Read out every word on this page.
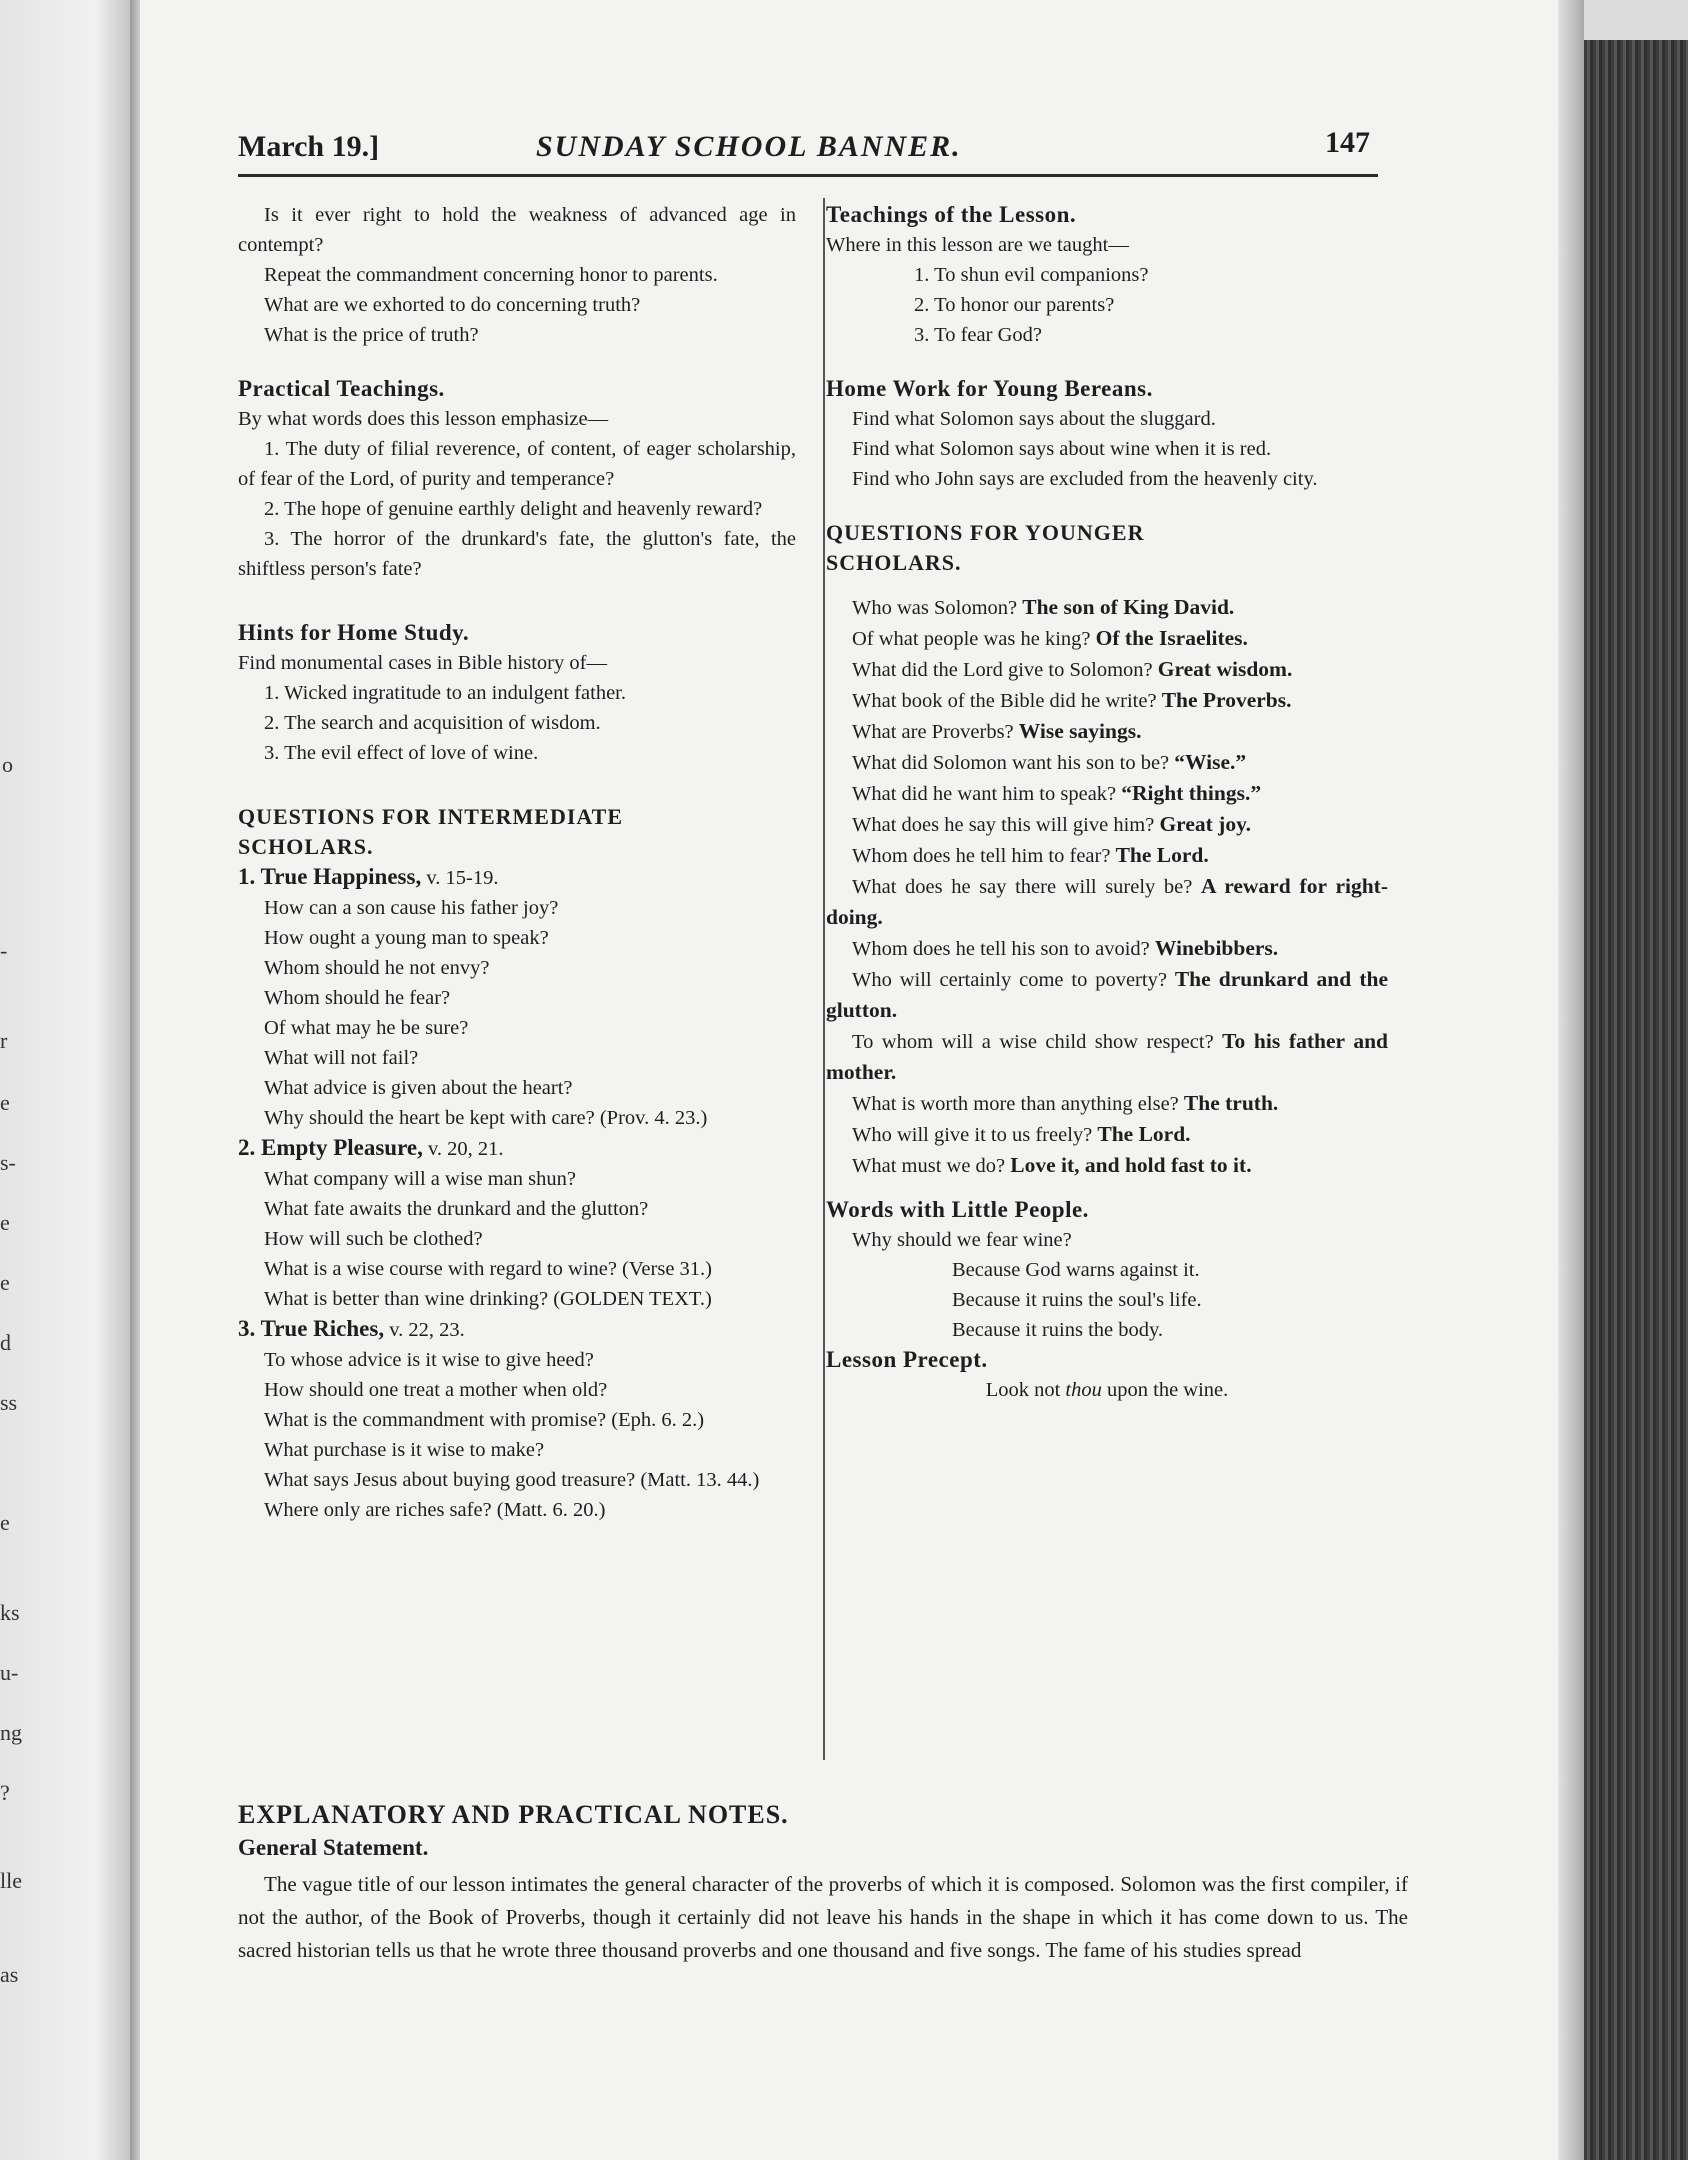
o
-
r
e
s-
e
e
d
ss
e
ks
u-
ng
?
lle
as
March 19.]	SUNDAY SCHOOL BANNER.	147

Is it ever right to hold the weakness of advanced age in contempt?

Repeat the commandment concerning honor to parents.

What are we exhorted to do concerning truth?

What is the price of truth?

Practical Teachings.

By what words does this lesson emphasize—

1. The duty of filial reverence, of content, of eager scholarship, of fear of the Lord, of purity and temperance?

2. The hope of genuine earthly delight and heavenly reward?

3. The horror of the drunkard's fate, the glutton's fate, the shiftless person's fate?

Hints for Home Study.

Find monumental cases in Bible history of—

1. Wicked ingratitude to an indulgent father.

2. The search and acquisition of wisdom.

3. The evil effect of love of wine.

QUESTIONS FOR INTERMEDIATE

SCHOLARS.

1. True Happiness, v. 15-19.

How can a son cause his father joy?

How ought a young man to speak?

Whom should he not envy?

Whom should he fear?

Of what may he be sure?

What will not fail?

What advice is given about the heart?

Why should the heart be kept with care? (Prov. 4. 23.)

2. Empty Pleasure, v. 20, 21.

What company will a wise man shun?

What fate awaits the drunkard and the glutton?

How will such be clothed?

What is a wise course with regard to wine? (Verse 31.)

What is better than wine drinking? (GOLDEN TEXT.)

3. True Riches, v. 22, 23.

To whose advice is it wise to give heed?

How should one treat a mother when old?

What is the commandment with promise? (Eph. 6. 2.)

What purchase is it wise to make?

What says Jesus about buying good treasure? (Matt. 13. 44.)

Where only are riches safe? (Matt. 6. 20.)

Teachings of the Lesson.

Where in this lesson are we taught—

1. To shun evil companions?

2. To honor our parents?

3. To fear God?

Home Work for Young Bereans.

Find what Solomon says about the sluggard.

Find what Solomon says about wine when it is red.

Find who John says are excluded from the heavenly city.

QUESTIONS FOR YOUNGER

SCHOLARS.

Who was Solomon? The son of King David.

Of what people was he king? Of the Israelites.

What did the Lord give to Solomon? Great wisdom.

What book of the Bible did he write? The Proverbs.

What are Proverbs? Wise sayings.

What did Solomon want his son to be? “Wise.”

What did he want him to speak? “Right things.”

What does he say this will give him? Great joy.

Whom does he tell him to fear? The Lord.

What does he say there will surely be? A reward for right-doing.

Whom does he tell his son to avoid? Winebibbers.

Who will certainly come to poverty? The drunkard and the glutton.

To whom will a wise child show respect? To his father and mother.

What is worth more than anything else? The truth.

Who will give it to us freely? The Lord.

What must we do? Love it, and hold fast to it.

Words with Little People.

Why should we fear wine?

Because God warns against it.

Because it ruins the soul's life.

Because it ruins the body.

Lesson Precept.

Look not thou upon the wine.

EXPLANATORY AND PRACTICAL NOTES.

General Statement.

The vague title of our lesson intimates the general character of the proverbs of which it is composed. Solomon was the first compiler, if not the author, of the Book of Proverbs, though it certainly did not leave his hands in the shape in which it has come down to us. The sacred historian tells us that he wrote three thousand proverbs and one thousand and five songs. The fame of his studies spread
